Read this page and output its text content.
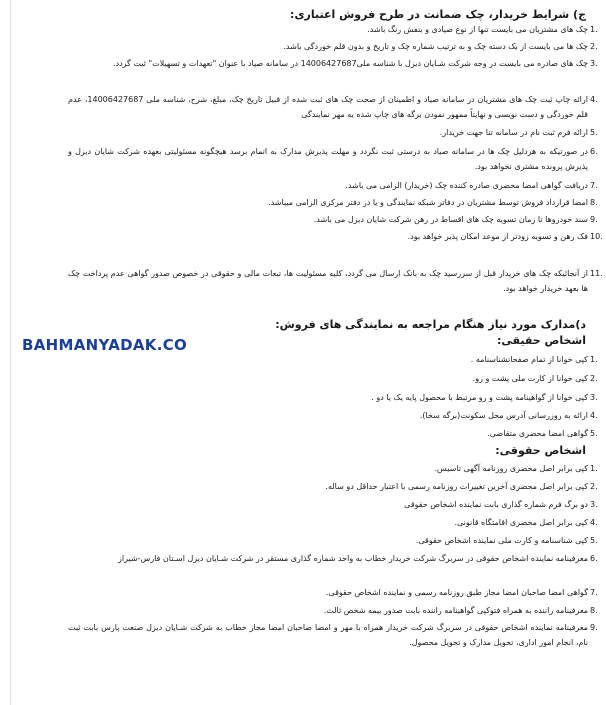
ج) شرايط خريدار، چک ضمانت در طرح فروش اعتباری:
1.
چک های مشتریان می بایست تنها از نوع صیادی و بنفش رنگ باشد.
2.
چک ها می بایست از یک دسته چک و به ترتیب شماره چک و تاریخ و بدون قلم خوردگی باشد.
3.
چک های صادره می بایست در وجه شرکت شـایان دیزل با شناسه ملی14006427687 در سامانه صیاد با عنوان "تعهدات و تسهیلات" ثبت گردد.
4.
ارائه چاپ ثبت چک های مشتریان در سامانه صیاد و اطمینان از صحت چک های ثبت شده از قبیل تاریخ چک، مبلغ، شرح، شناسه ملی 14006427687، عدم قلم خوردگی و دست نویسی و نهایتاً ممهور نمودن برگه های چاپ شده به مهر نمایندگی
5.
ارائه فرم ثبت نام در سامانه تنا جهت خریدار.
6.
در صورتیکه به هردلیل چک ها در سامانه صیاد به درستی ثبت نگردد و مهلت پذیرش مدارک به اتمام برسد هیچگونه مسئولیتی بعهده شرکت شایان دیزل و پذیرش پرونده مشتری نخواهد بود.
7.
دریافت گواهی امضا محضری صادره کننده چک (خریدار) الزامی می باشد.
8.
امضا قرارداد فروش توسط مشتریان در دفاتر شبکه نمایندگی و یا در دفتر مرکزی الزامی میباشد.
9.
سند خودروها تا زمان تسویه چک های اقساط در رهن شرکت شایان دیزل می باشد.
10.
فک رهن و تسویه زودتر از موعد امکان پذیر خواهد بود.
11.
از آنجائیکه چک های خریدار قبل از سررسید چک به بانک ارسال می گردد، کلیه مسئولیت ها، تبعات مالی و حقوقی در خصوص صدور گواهی عدم پرداخت چک ها بعهد خریدار خواهد بود.
د)مدارک مورد نیاز هنگام مراجعه به نمایندگی های فروش:
BAHMANYADAK.CO	اشخاص حقیقی:
1.
کپی خوانا از تمام صفحاتشناسنامه .
2.
کپی خوانا از کارت ملی پشت و رو.
3.
کپی خوانا از گواهینامه پشت و رو مرتبط با محصول پایه یک یا دو .
4.
ارائه به روزرسانی آدرس محل سکونت(برگه سخا).
5.
گواهی امضا محضری متقاضی.
اشخاص حقوقی:
1.
کپی برابر اصل محضری روزنامه آگهی تاسیس.
2.
کپی برابر اصل محضری آخرین تغییرات روزنامه رسمی با اعتبار حداقل دو ساله.
3.
دو برگ فرم شماره گذاری بابت نماینده اشخاص حقوقی
4.
کپی برابر اصل محضری اقامتگاه قانونی.
5.
کپی شناسنامه و کارت ملی نماینده اشخاص حقوقی.
6.
معرفینامه نماینده اشخاص حقوقی در سربرگ شرکت خریدار خطاب به واحد شماره گذاری مستقر در شرکت شـایان دیزل اسـتان فارس-شیراز
7.
گواهی امضا صاحبان امضا مجاز طبق روزنامه رسمی و نماینده اشخاص حقوقی.
8.
معرفینامه راننده به همراه فتوکپی گواهینامه راننده بابت صدور بیمه شخص ثالث.
9.
معرفینامه نماینده اشخاص حقوقی در سربرگ شرکت خریدار همراه با مهر و امضا صاحبان امضا مجاز خطاب به شرکت شـایان دیزل صنعت پارس بابت ثبت نام، انجام امور اداری، تحویل مدارک و تحویل محصول.
